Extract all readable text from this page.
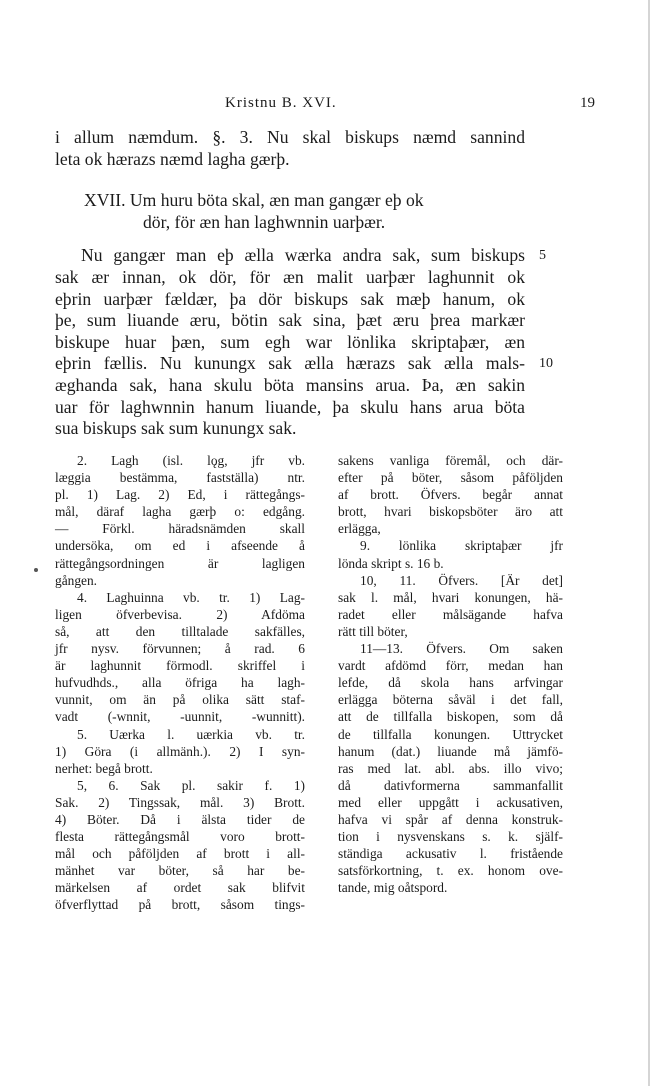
Kristnu B. XVI.	19
i allum næmdum. §. 3. Nu skal biskups næmd sannind
leta ok hærazs næmd lagha gærþ.
XVII. Um huru böta skal, æn man gangær eþ ok
dör, för æn han laghwnnin uarþær.
Nu gangær man eþ ælla wærka andra sak, sum biskups 5
sak ær innan, ok dör, för æn malit uarþær laghunnit ok
eþrin uarþær fældær, þa dör biskups sak mæþ hanum, ok
þe, sum liuande æru, bötin sak sina, þæt æru þrea markær
biskupe huar þæn, sum egh war lönlika skriptaþær, æn
eþrin fællis. Nu kunungx sak ælla hærazs sak ælla mals- 10
æghanda sak, hana skulu böta mansins arua. Þa, æn sakin
uar för laghwnnin hanum liuande, þa skulu hans arua böta
sua biskups sak sum kunungx sak.
2. Lagh (isl. lǫg, jfr vb.
læggia bestämma, fastställa) ntr.
pl. 1) Lag. 2) Ed, i rättegångs-
mål, däraf lagha gærþ o: edgång.
— Förkl. häradsnämden skall
undersöka, om ed i afseende å
rättegångsordningen är lagligen
gången.
4. Laghuinna vb. tr. 1) Lag-
ligen öfverbevisa. 2) Afdöma
så, att den tilltalade sakfälles,
jfr nysv. förvunnen; å rad. 6
är laghunnit förmodl. skriffel i
hufvudhds., alla öfriga ha lagh-
vunnit, om än på olika sätt staf-
vadt (-wnnit, -uunnit, -wunnitt).
5. Uærka l. uærkia vb. tr.
1) Göra (i allmänh.). 2) I syn-
nerhet: begå brott.
5, 6. Sak pl. sakir f. 1)
Sak. 2) Tingssak, mål. 3) Brott.
4) Böter. Då i älsta tider de
flesta rättegångsmål voro brott-
mål och påföljden af brott i all-
mänhet var böter, så har be-
märkelsen af ordet sak blifvit
öfverflyttad på brott, såsom tings-
sakens vanliga föremål, och där-
efter på böter, såsom påföljden
af brott. Öfvers. begår annat
brott, hvari biskopsböter äro att
erlägga,
9. lönlika skriptaþær jfr
lönda skript s. 16 b.
10, 11. Öfvers. [Är det]
sak l. mål, hvari konungen, hä-
radet eller målsägande hafva
rätt till böter,
11—13. Öfvers. Om saken
vardt afdömd förr, medan han
lefde, då skola hans arfvingar
erlägga böterna såväl i det fall,
att de tillfalla biskopen, som då
de tillfalla konungen. Uttrycket
hanum (dat.) liuande må jämfö-
ras med lat. abl. abs. illo vivo;
då dativformerna sammanfallit
med eller uppgått i ackusativen,
hafva vi spår af denna konstruk-
tion i nysvenskans s. k. själf-
ständiga ackusativ l. fristående
satsförkortning, t. ex. honom ove-
tande, mig oåtspord.
